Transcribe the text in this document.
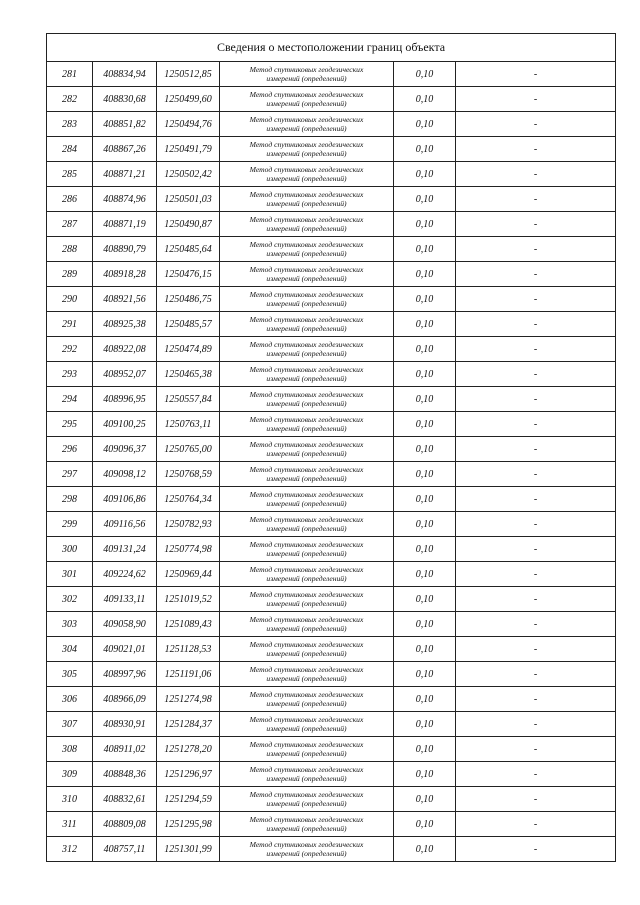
Сведения о местоположении границ объекта					
281	408834,94	1250512,85	Метод спутниковых геодезических
измерений (определений)	0,10	-
282	408830,68	1250499,60	Метод спутниковых геодезических
измерений (определений)	0,10	-
283	408851,82	1250494,76	Метод спутниковых геодезических
измерений (определений)	0,10	-
284	408867,26	1250491,79	Метод спутниковых геодезических
измерений (определений)	0,10	-
285	408871,21	1250502,42	Метод спутниковых геодезических
измерений (определений)	0,10	-
286	408874,96	1250501,03	Метод спутниковых геодезических
измерений (определений)	0,10	-
287	408871,19	1250490,87	Метод спутниковых геодезических
измерений (определений)	0,10	-
288	408890,79	1250485,64	Метод спутниковых геодезических
измерений (определений)	0,10	-
289	408918,28	1250476,15	Метод спутниковых геодезических
измерений (определений)	0,10	-
290	408921,56	1250486,75	Метод спутниковых геодезических
измерений (определений)	0,10	-
291	408925,38	1250485,57	Метод спутниковых геодезических
измерений (определений)	0,10	-
292	408922,08	1250474,89	Метод спутниковых геодезических
измерений (определений)	0,10	-
293	408952,07	1250465,38	Метод спутниковых геодезических
измерений (определений)	0,10	-
294	408996,95	1250557,84	Метод спутниковых геодезических
измерений (определений)	0,10	-
295	409100,25	1250763,11	Метод спутниковых геодезических
измерений (определений)	0,10	-
296	409096,37	1250765,00	Метод спутниковых геодезических
измерений (определений)	0,10	-
297	409098,12	1250768,59	Метод спутниковых геодезических
измерений (определений)	0,10	-
298	409106,86	1250764,34	Метод спутниковых геодезических
измерений (определений)	0,10	-
299	409116,56	1250782,93	Метод спутниковых геодезических
измерений (определений)	0,10	-
300	409131,24	1250774,98	Метод спутниковых геодезических
измерений (определений)	0,10	-
301	409224,62	1250969,44	Метод спутниковых геодезических
измерений (определений)	0,10	-
302	409133,11	1251019,52	Метод спутниковых геодезических
измерений (определений)	0,10	-
303	409058,90	1251089,43	Метод спутниковых геодезических
измерений (определений)	0,10	-
304	409021,01	1251128,53	Метод спутниковых геодезических
измерений (определений)	0,10	-
305	408997,96	1251191,06	Метод спутниковых геодезических
измерений (определений)	0,10	-
306	408966,09	1251274,98	Метод спутниковых геодезических
измерений (определений)	0,10	-
307	408930,91	1251284,37	Метод спутниковых геодезических
измерений (определений)	0,10	-
308	408911,02	1251278,20	Метод спутниковых геодезических
измерений (определений)	0,10	-
309	408848,36	1251296,97	Метод спутниковых геодезических
измерений (определений)	0,10	-
310	408832,61	1251294,59	Метод спутниковых геодезических
измерений (определений)	0,10	-
311	408809,08	1251295,98	Метод спутниковых геодезических
измерений (определений)	0,10	-
312	408757,11	1251301,99	Метод спутниковых геодезических
измерений (определений)	0,10	-
